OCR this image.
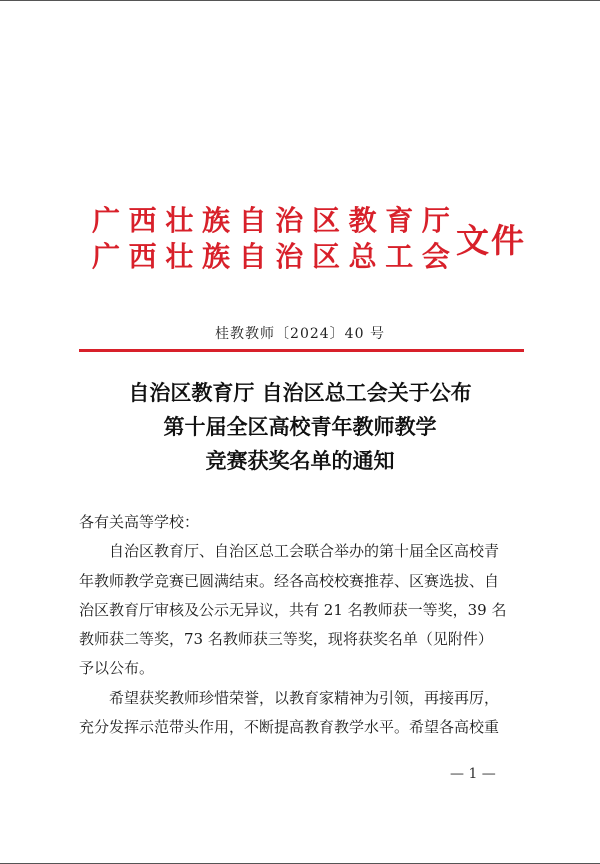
广 西 壮 族 自 治 区 教 育 厅
广 西 壮 族 自 治 区 总 工 会 文件
桂教教师〔2024〕40 号
自治区教育厅 自治区总工会关于公布
第十届全区高校青年教师教学
竞赛获奖名单的通知
各有关高等学校：
自治区教育厅、自治区总工会联合举办的第十届全区高校青
年教师教学竞赛已圆满结束。经各高校校赛推荐、区赛选拔、自
治区教育厅审核及公示无异议，共有 21 名教师获一等奖，39 名
教师获二等奖，73 名教师获三等奖，现将获奖名单（见附件）
予以公布。
希望获奖教师珍惜荣誉，以教育家精神为引领，再接再厉，
充分发挥示范带头作用，不断提高教育教学水平。希望各高校重
— 1 —
